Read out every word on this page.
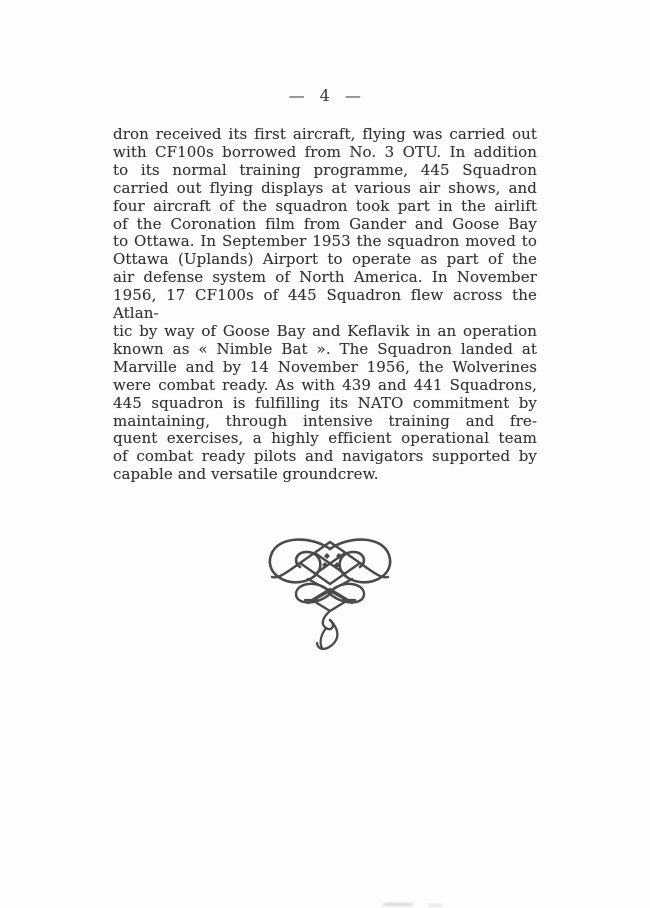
— 4 —
dron received its first aircraft, flying was carried out
with CF100s borrowed from No. 3 OTU. In addition
to its normal training programme, 445 Squadron
carried out flying displays at various air shows, and
four aircraft of the squadron took part in the airlift
of the Coronation film from Gander and Goose Bay
to Ottawa. In September 1953 the squadron moved to
Ottawa (Uplands) Airport to operate as part of the
air defense system of North America. In November
1956, 17 CF100s of 445 Squadron flew across the Atlan-
tic by way of Goose Bay and Keflavik in an operation
known as « Nimble Bat ». The Squadron landed at
Marville and by 14 November 1956, the Wolverines
were combat ready. As with 439 and 441 Squadrons,
445 squadron is fulfilling its NATO commitment by
maintaining, through intensive training and fre-
quent exercises, a highly efficient operational team
of combat ready pilots and navigators supported by
capable and versatile groundcrew.
